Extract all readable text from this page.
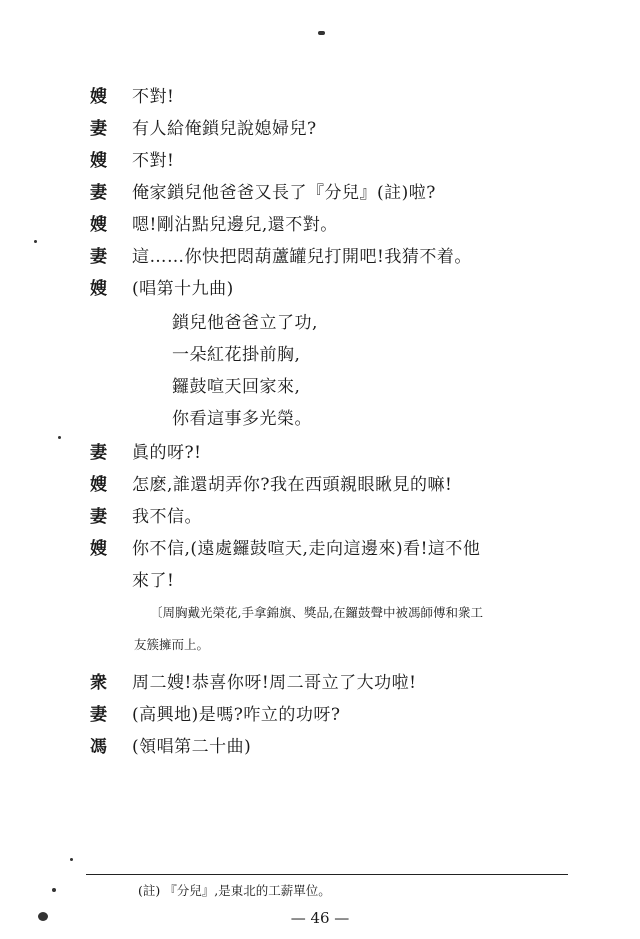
嫂 不對!
妻 有人給俺鎖兒說媳婦兒?
嫂 不對!
妻 俺家鎖兒他爸爸又長了『分兒』(註)啦?
嫂 嗯!剛沾點兒邊兒,還不對。
妻 這……你快把悶葫蘆罐兒打開吧!我猜不着。
嫂 (唱第十九曲)
鎖兒他爸爸立了功,
一朵紅花掛前胸,
鑼鼓喧天回家來,
你看這事多光榮。
妻 眞的呀?!
嫂 怎麽,誰還胡弄你?我在西頭親眼瞅見的嘛!
妻 我不信。
嫂 你不信,(遠處鑼鼓喧天,走向這邊來)看!這不他
來了!
〔周胸戴光榮花,手拿錦旗、獎品,在鑼鼓聲中被馮師傅和衆工
友簇擁而上。
衆 周二嫂!恭喜你呀!周二哥立了大功啦!
妻 (高興地)是嗎?咋立的功呀?
馮 (領唱第二十曲)
(註) 『分兒』,是東北的工薪單位。
— 46 —
